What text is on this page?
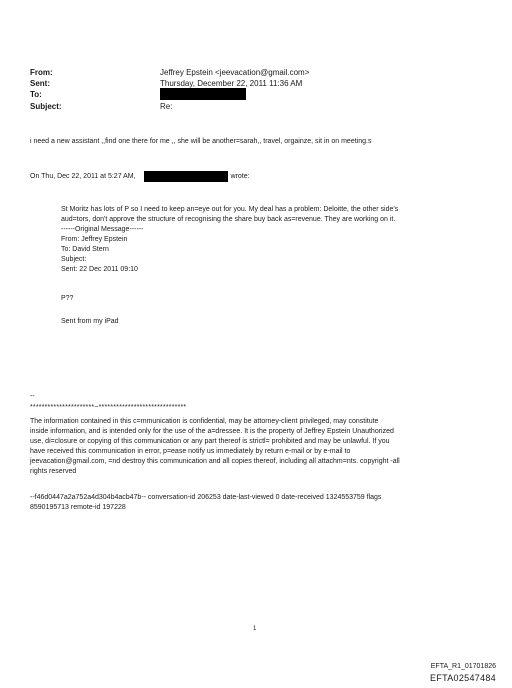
From:	Jeffrey Epstein <jeevacation@gmail.com>
Sent:	Thursday, December 22, 2011 11:36 AM
To:
Subject:	Re:
i need a new assistant ,,find one there for me ,, she will be another=sarah,, travel, orgainze, sit in on meeting.s
On Thu, Dec 22, 2011 at 5:27 AM,	wrote:
St Moritz has lots of P so I need to keep an=eye out for you. My deal has a problem: Deloitte, the other side's
aud=tors, don't approve the structure of recognising the share buy back as=revenue. They are working on it.
------Original Message------
From: Jeffrey Epstein
To: David Stern
Subject:
Sent: 22 Dec 2011 09:10
P??
Sent from my iPad
--
**********************~******************************
The information contained in this c=mmunication is confidential, may be attorney-client privileged, may constitute
inside information, and is intended only for the use of the a=dressee. It is the property of Jeffrey Epstein Unauthorized
use, di=closure or copying of this communication or any part thereof is strictl= prohibited and may be unlawful. If you
have received this communication in error, p=ease notify us immediately by return e-mail or by e-mail to
jeevacation@gmail.com, =nd destroy this communication and all copies thereof, including all attachm=nts. copyright -all
rights reserved
--f46d0447a2a752a4d304b4acb47b-- conversation-id 206253 date-last-viewed 0 date-received 1324553759 flags
8590195713 remote-id 197228
1
EFTA_R1_01701826
EFTA02547484
